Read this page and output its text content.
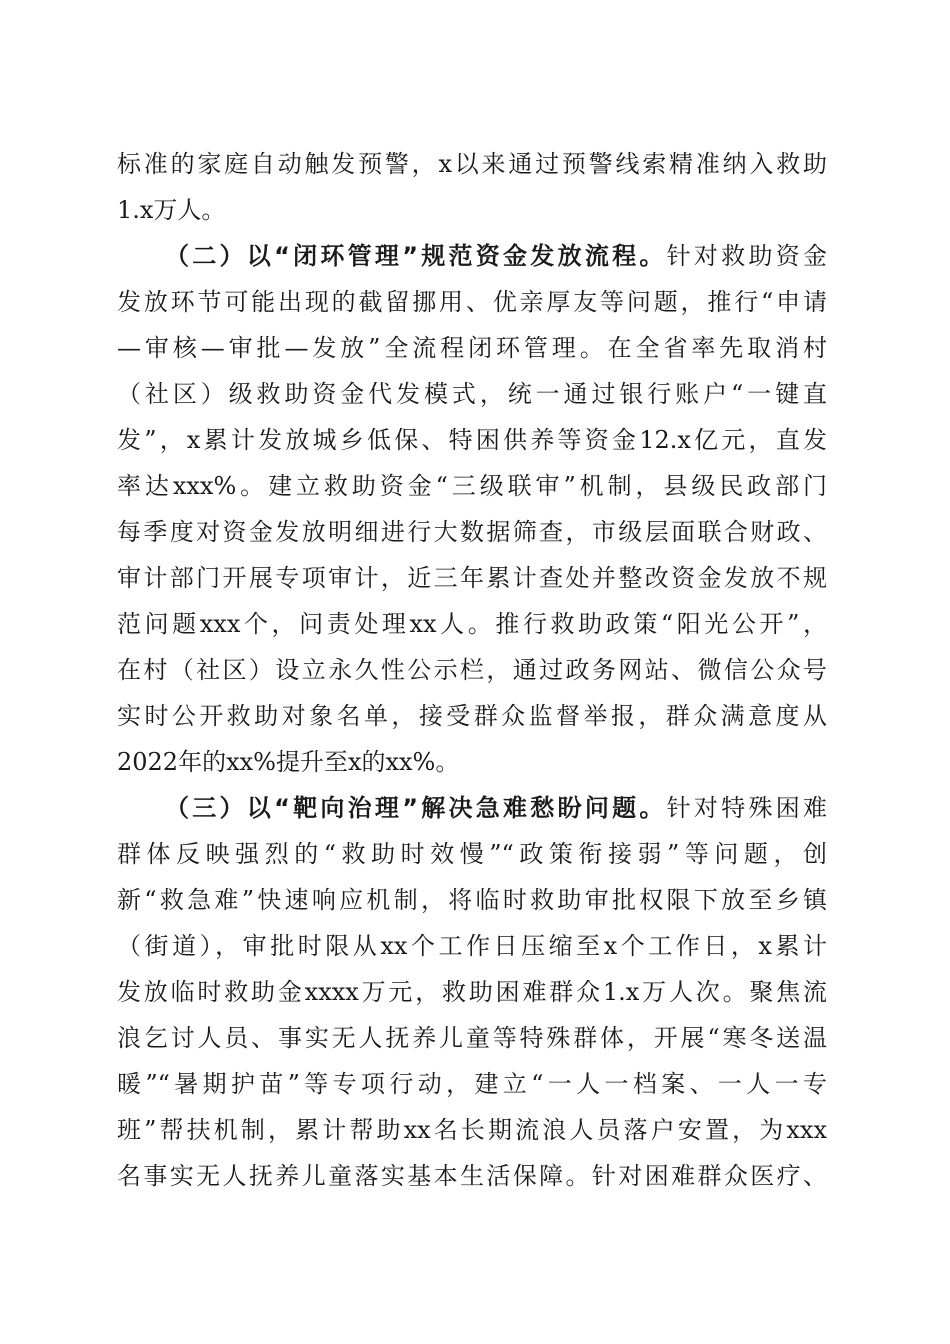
标准的家庭自动触发预警，x以来通过预警线索精准纳入救助
1.x万人。
（二）以“闭环管理”规范资金发放流程。针对救助资金
发放环节可能出现的截留挪用、优亲厚友等问题，推行“申请
—审核—审批—发放”全流程闭环管理。在全省率先取消村
（社区）级救助资金代发模式，统一通过银行账户“一键直
发”，x累计发放城乡低保、特困供养等资金12.x亿元，直发
率达xxx%。建立救助资金“三级联审”机制，县级民政部门
每季度对资金发放明细进行大数据筛查，市级层面联合财政、
审计部门开展专项审计，近三年累计查处并整改资金发放不规
范问题xxx个，问责处理xx人。推行救助政策“阳光公开”，
在村（社区）设立永久性公示栏，通过政务网站、微信公众号
实时公开救助对象名单，接受群众监督举报，群众满意度从
2022年的xx%提升至x的xx%。
（三）以“靶向治理”解决急难愁盼问题。针对特殊困难
群体反映强烈的“救助时效慢”“政策衔接弱”等问题，创
新“救急难”快速响应机制，将临时救助审批权限下放至乡镇
（街道），审批时限从xx个工作日压缩至x个工作日，x累计
发放临时救助金xxxx万元，救助困难群众1.x万人次。聚焦流
浪乞讨人员、事实无人抚养儿童等特殊群体，开展“寒冬送温
暖”“暑期护苗”等专项行动，建立“一人一档案、一人一专
班”帮扶机制，累计帮助xx名长期流浪人员落户安置，为xxx
名事实无人抚养儿童落实基本生活保障。针对困难群众医疗、
